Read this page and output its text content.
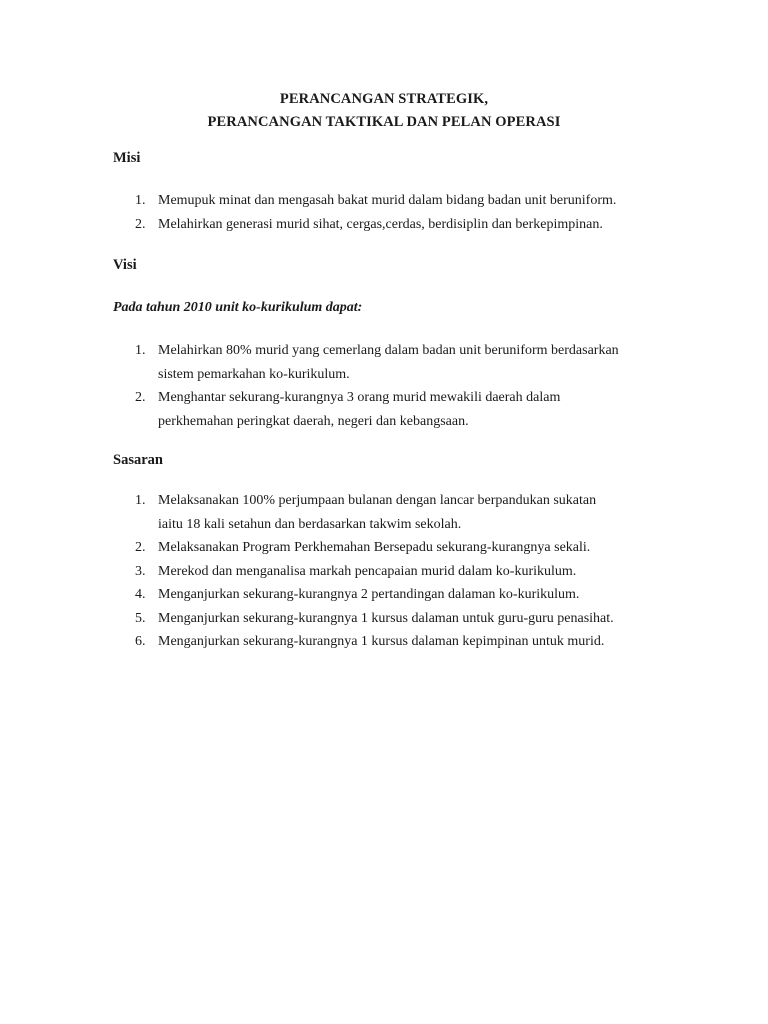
PERANCANGAN STRATEGIK,
PERANCANGAN TAKTIKAL DAN PELAN OPERASI
Misi
1. Memupuk minat dan mengasah bakat murid dalam bidang badan unit beruniform.
2. Melahirkan generasi murid sihat, cergas,cerdas, berdisiplin dan berkepimpinan.
Visi
Pada tahun 2010 unit ko-kurikulum dapat:
1. Melahirkan 80% murid yang cemerlang dalam badan unit beruniform berdasarkan
sistem pemarkahan ko-kurikulum.
2. Menghantar sekurang-kurangnya 3 orang murid mewakili daerah dalam
perkhemahan peringkat daerah, negeri dan kebangsaan.
Sasaran
1. Melaksanakan 100% perjumpaan bulanan dengan lancar berpandukan sukatan
iaitu 18 kali setahun dan berdasarkan takwim sekolah.
2. Melaksanakan Program Perkhemahan Bersepadu sekurang-kurangnya sekali.
3. Merekod dan menganalisa markah pencapaian murid dalam ko-kurikulum.
4. Menganjurkan sekurang-kurangnya 2 pertandingan dalaman ko-kurikulum.
5. Menganjurkan sekurang-kurangnya 1 kursus dalaman untuk guru-guru penasihat.
6. Menganjurkan sekurang-kurangnya 1 kursus dalaman kepimpinan untuk murid.
